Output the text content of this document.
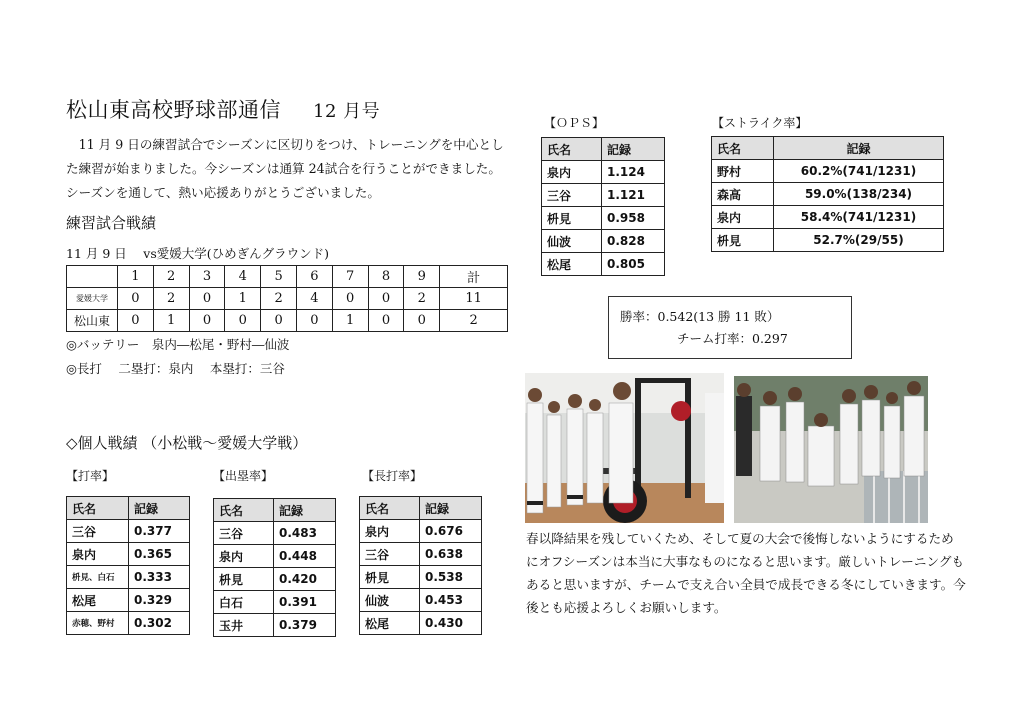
松山東高校野球部通信 12 月号
11 月 9 日の練習試合でシーズンに区切りをつけ、トレーニングを中心とした練習が始まりました。今シーズンは通算 24試合を行うことができました。シーズンを通して、熱い応援ありがとうございました。
練習試合戦績
11 月 9 日　 vs愛媛大学(ひめぎんグラウンド)
	1	2	3	4	5	6	7	8	9	計
愛媛大学	0	2	0	1	2	4	0	0	2	11
松山東	0	1	0	0	0	0	1	0	0	2
◎バッテリー　泉内―松尾・野村―仙波
◎長打　 二塁打：泉内　 本塁打：三谷
◇個人戦績 （小松戦～愛媛大学戦）
【打率】
氏名	記録
三谷	0.377
泉内	0.365
枡見、白石	0.333
松尾	0.329
赤穂、野村	0.302
【出塁率】
氏名	記録
三谷	0.483
泉内	0.448
枡見	0.420
白石	0.391
玉井	0.379
【長打率】
氏名	記録
泉内	0.676
三谷	0.638
枡見	0.538
仙波	0.453
松尾	0.430
【ＯＰＳ】
氏名	記録
泉内	1.124
三谷	1.121
枡見	0.958
仙波	0.828
松尾	0.805
【ストライク率】
氏名	記録
野村	60.2%(741/1231)
森高	59.0%(138/234)
泉内	58.4%(741/1231)
枡見	52.7%(29/55)
勝率：0.542(13 勝 11 敗）
チーム打率：0.297
春以降結果を残していくため、そして夏の大会で後悔しないようにするためにオフシーズンは本当に大事なものになると思います。厳しいトレーニングもあると思いますが、チームで支え合い全員で成長できる冬にしていきます。今後とも応援よろしくお願いします。
